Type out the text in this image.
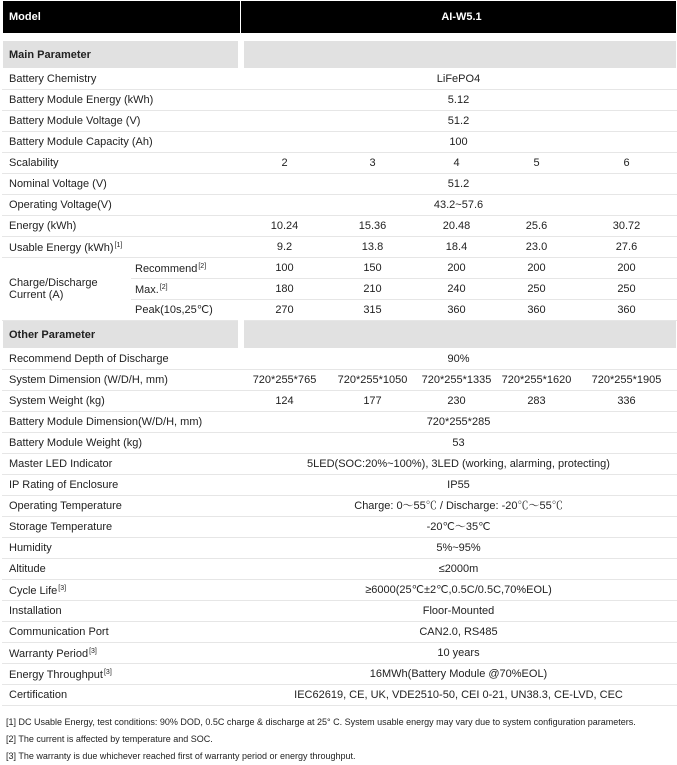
Model		AI-W5.1				

Main Parameter						
Battery Chemistry		LiFePO4				
Battery Module Energy (kWh)		5.12				
Battery Module Voltage (V)		51.2				
Battery Module Capacity (Ah)		100				
Scalability		2	3	4	5	6
Nominal Voltage (V)		51.2				
Operating Voltage(V)		43.2~57.6				
Energy (kWh)		10.24	15.36	20.48	25.6	30.72
Usable Energy (kWh)[1]		9.2	13.8	18.4	23.0	27.6
Charge/Discharge Current (A)	Recommend[2]	100	150	200	200	200
	Max.[2]	180	210	240	250	250
	Peak(10s,25℃)	270	315	360	360	360
Other Parameter						
Recommend Depth of Discharge		90%				
System Dimension (W/D/H, mm)		720*255*765	720*255*1050	720*255*1335	720*255*1620	720*255*1905
System Weight (kg)		124	177	230	283	336
Battery Module Dimension(W/D/H, mm)		720*255*285				
Battery Module Weight (kg)		53				
Master LED Indicator		5LED(SOC:20%~100%), 3LED (working, alarming, protecting)				
IP Rating of Enclosure		IP55				
Operating Temperature		Charge: 0～55℃ / Discharge: -20℃～55℃				
Storage Temperature		-20℃～35℃				
Humidity		5%~95%				
Altitude		≤2000m				
Cycle Life[3]		≥6000(25℃±2℃,0.5C/0.5C,70%EOL)				
Installation		Floor-Mounted				
Communication Port		CAN2.0, RS485				
Warranty Period[3]		10 years				
Energy Throughput[3]		16MWh(Battery Module @70%EOL)				
Certification		IEC62619, CE, UK, VDE2510-50, CEI 0-21, UN38.3, CE-LVD, CEC				
[1] DC Usable Energy, test conditions: 90% DOD, 0.5C charge & discharge at 25° C. System usable energy may vary due to system configuration parameters.
[2] The current is affected by temperature and SOC.
[3] The warranty is due whichever reached first of warranty period or energy throughput.
